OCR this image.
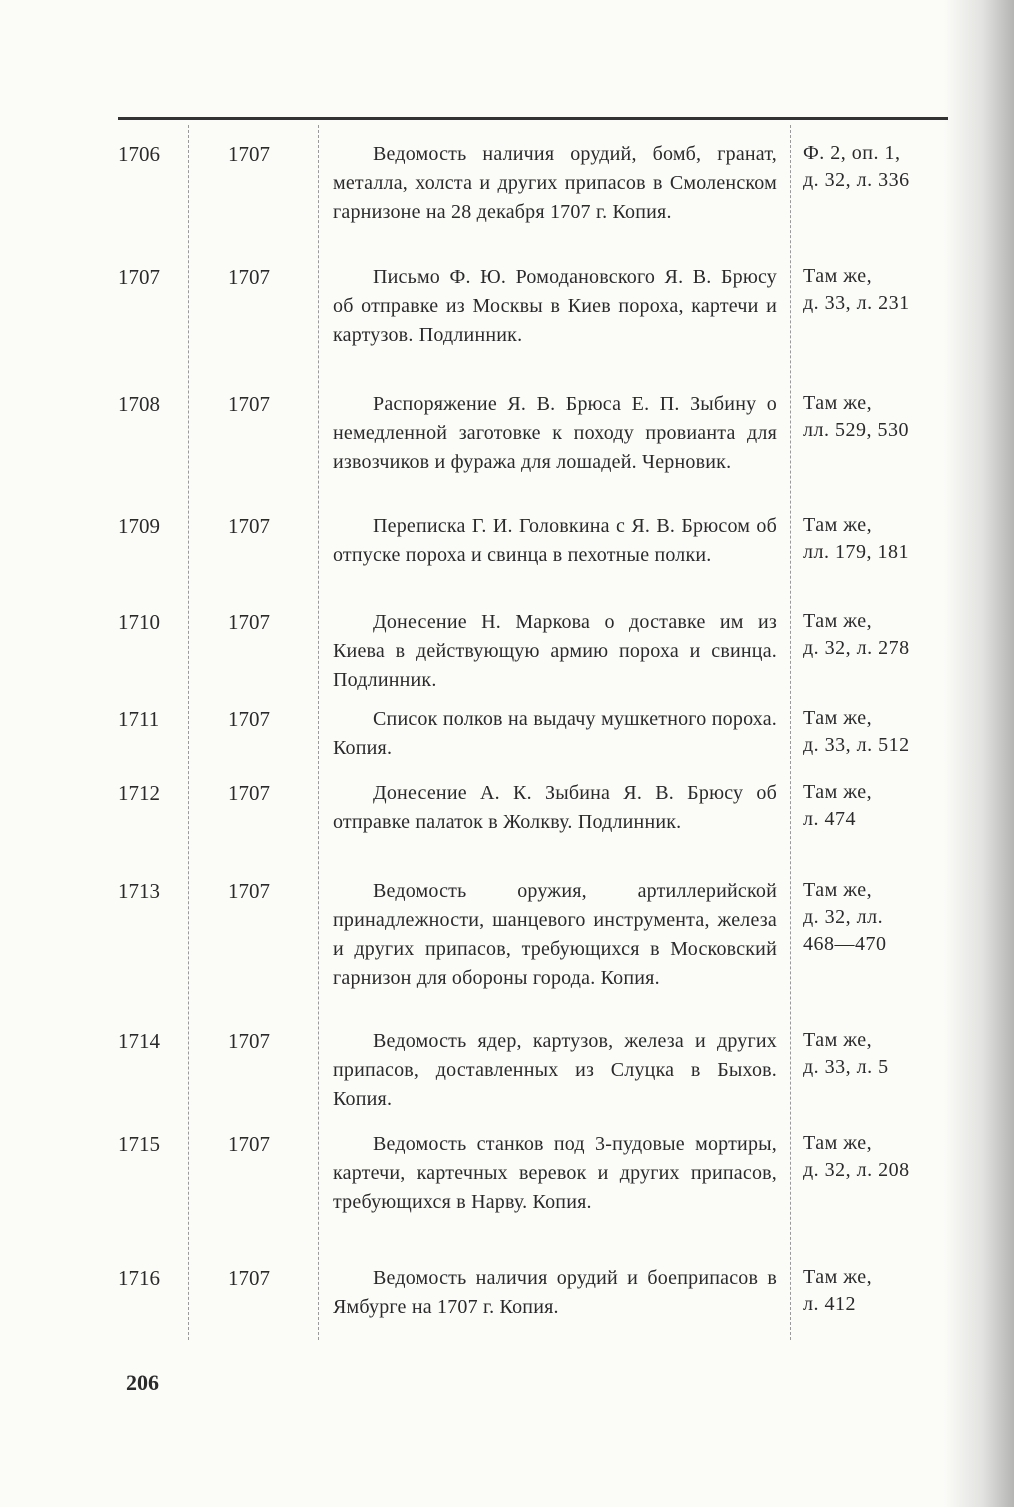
1706	1707	Ведомость наличия орудий, бомб, гранат, металла, холста и других припасов в Смоленском гарнизоне на 28 декабря 1707 г. Копия.
Ф. 2, оп. 1,
д. 32, л. 336
1707	1707	Письмо Ф. Ю. Ромодановского Я. В. Брюсу об отправке из Москвы в Киев пороха, картечи и картузов. Подлинник.
Там же,
д. 33, л. 231
1708	1707	Распоряжение Я. В. Брюса Е. П. Зыбину о немедленной заготовке к походу провианта для извозчиков и фуража для лошадей. Черновик.
Там же,
лл. 529, 530
1709	1707	Переписка Г. И. Головкина с Я. В. Брюсом об отпуске пороха и свинца в пехотные полки.
Там же,
лл. 179, 181
1710	1707	Донесение Н. Маркова о доставке им из Киева в действующую армию пороха и свинца. Подлинник.
Там же,
д. 32, л. 278
1711	1707	Список полков на выдачу мушкетного пороха. Копия.
Там же,
д. 33, л. 512
1712	1707	Донесение А. К. Зыбина Я. В. Брюсу об отправке палаток в Жолкву. Подлинник.
Там же,
л. 474
1713	1707	Ведомость оружия, артиллерийской принадлежности, шанцевого инструмента, железа и других припасов, требующихся в Московский гарнизон для обороны города. Копия.
Там же,
д. 32, лл.
468—470
1714	1707	Ведомость ядер, картузов, железа и других припасов, доставленных из Слуцка в Быхов. Копия.
Там же,
д. 33, л. 5
1715	1707	Ведомость станков под 3-пудовые мортиры, картечи, картечных веревок и других припасов, требующихся в Нарву. Копия.
Там же,
д. 32, л. 208
1716	1707	Ведомость наличия орудий и боеприпасов в Ямбурге на 1707 г. Копия.
Там же,
л. 412
206
